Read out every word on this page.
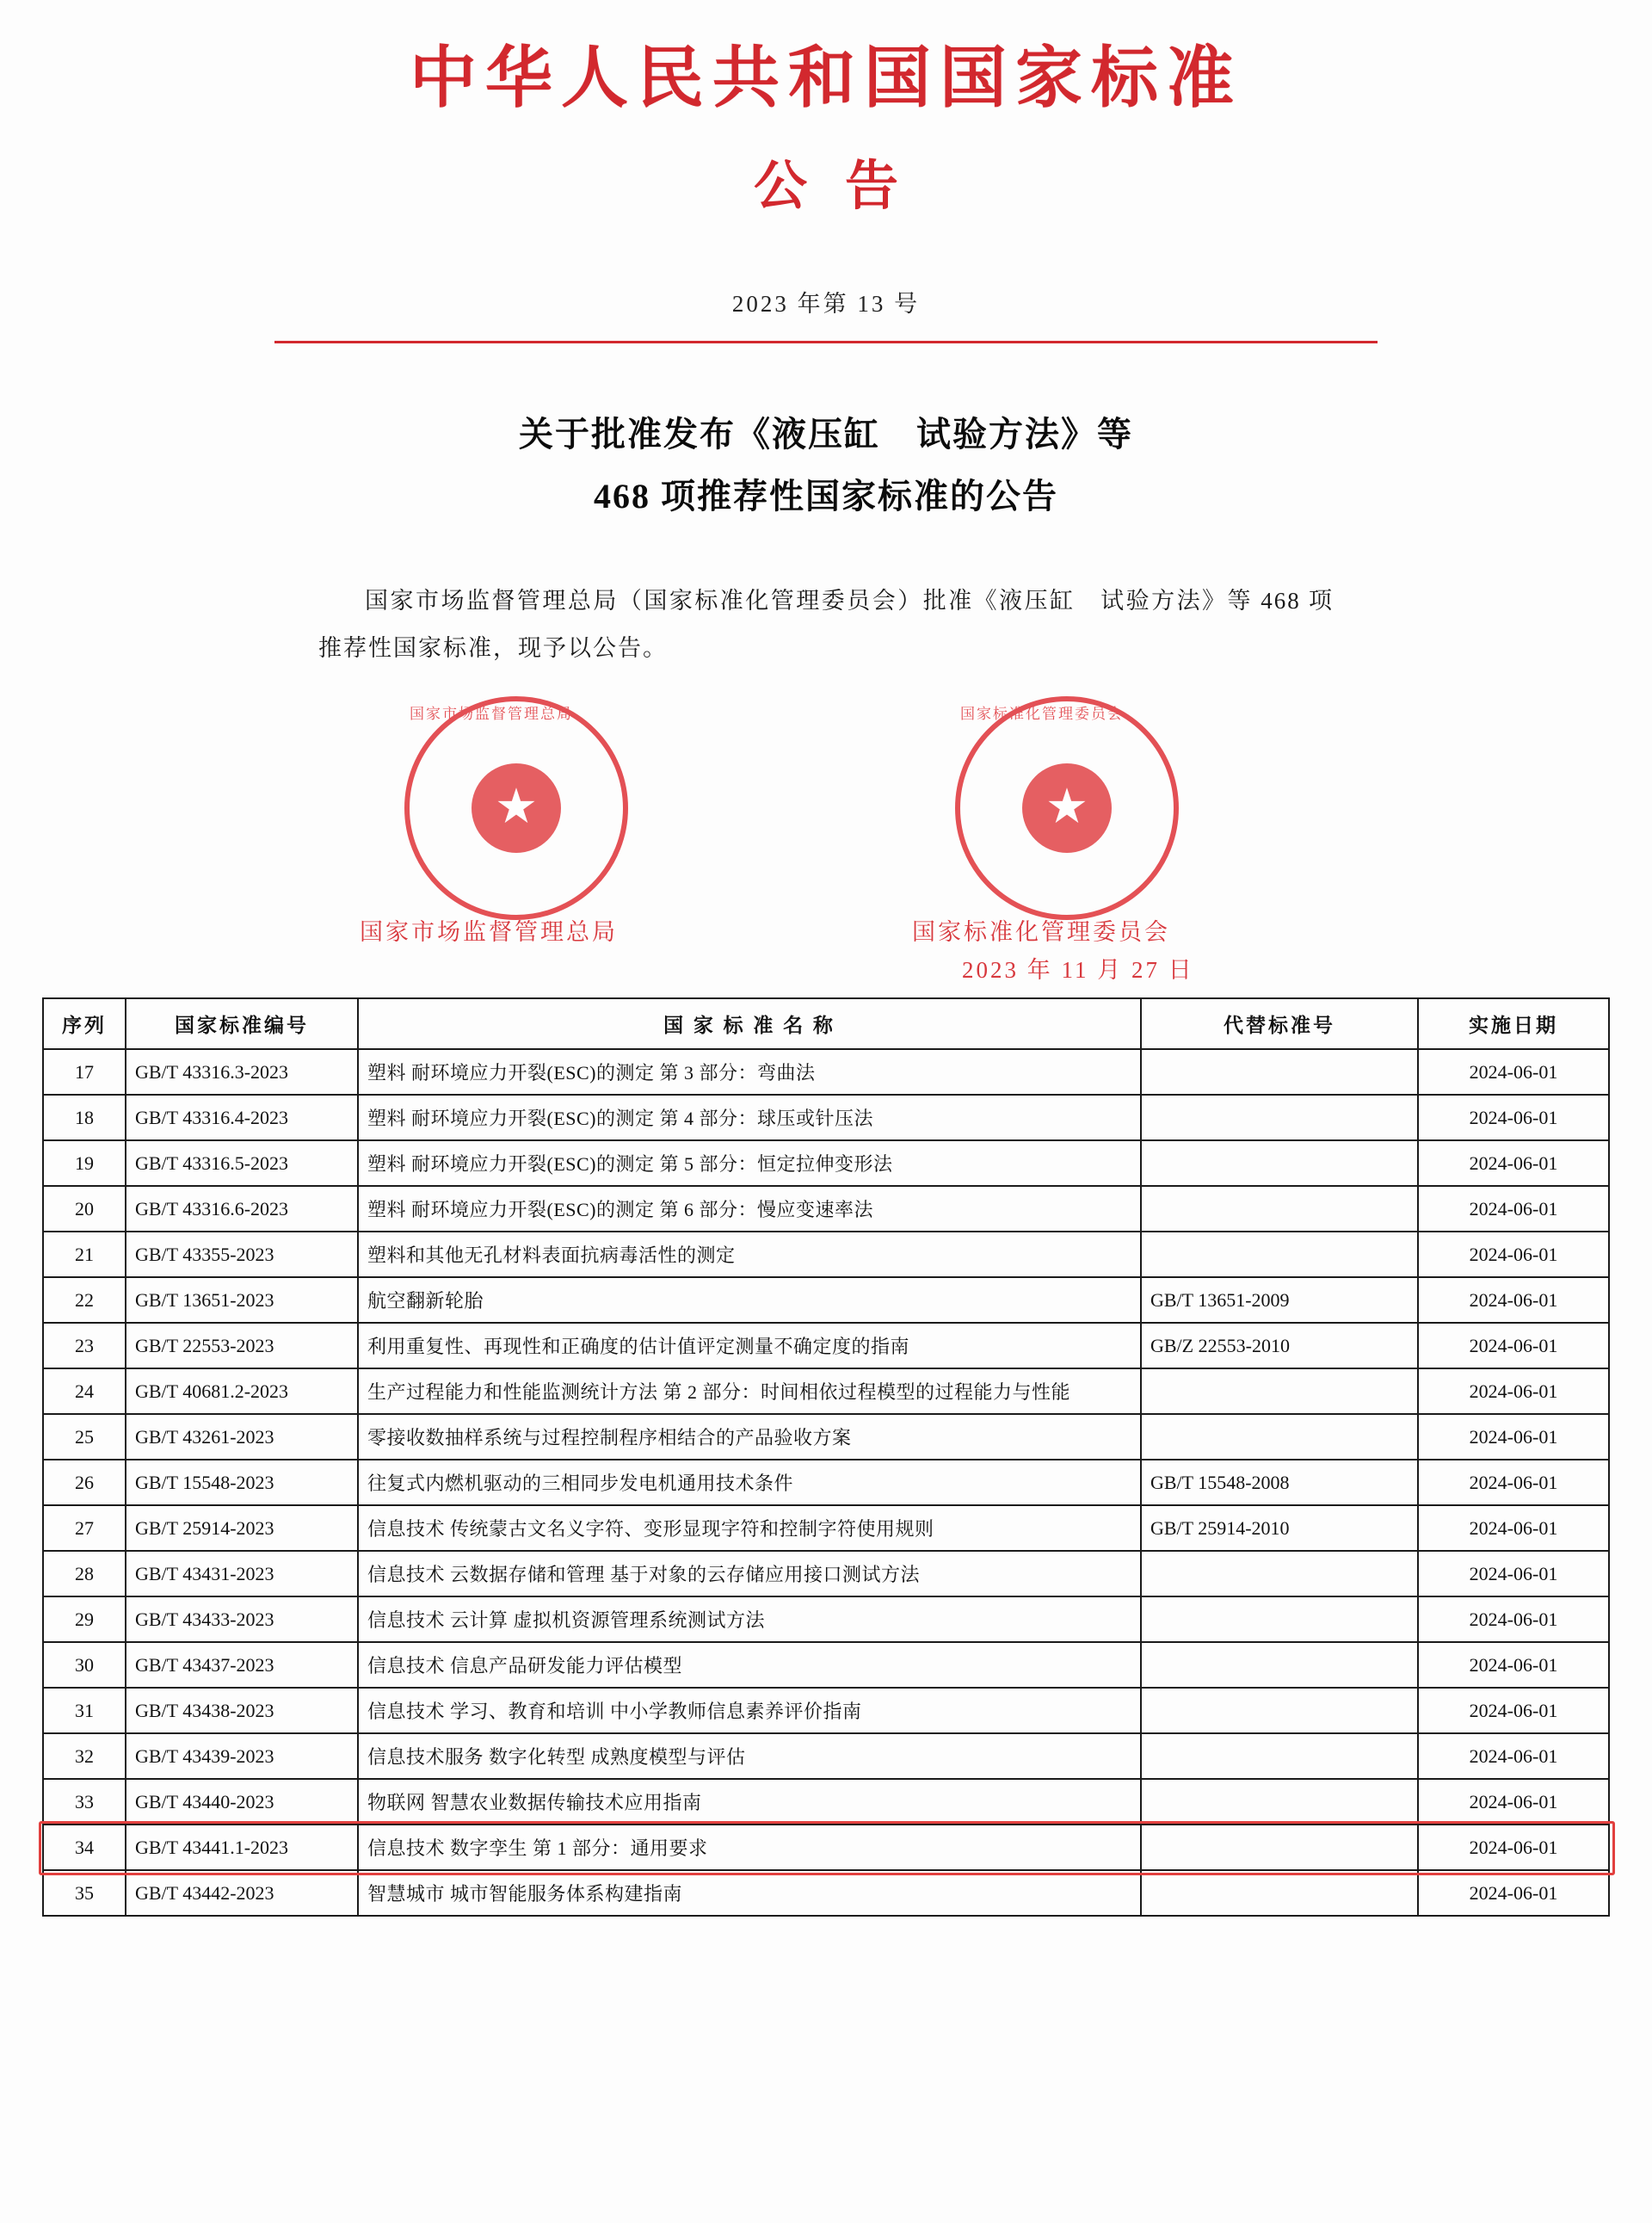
中华人民共和国国家标准
公告
2023 年第 13 号
关于批准发布《液压缸　试验方法》等
468 项推荐性国家标准的公告
国家市场监督管理总局（国家标准化管理委员会）批准《液压缸　试验方法》等 468 项推荐性国家标准，现予以公告。
国家市场监督管理总局
★
国家标准化管理委员会
★
国家市场监督管理总局	国家标准化管理委员会
2023 年 11 月 27 日
序列	国家标准编号	国 家 标 准 名 称	代替标准号	实施日期
17	GB/T 43316.3-2023	塑料 耐环境应力开裂(ESC)的测定 第 3 部分：弯曲法		2024-06-01
18	GB/T 43316.4-2023	塑料 耐环境应力开裂(ESC)的测定 第 4 部分：球压或针压法		2024-06-01
19	GB/T 43316.5-2023	塑料 耐环境应力开裂(ESC)的测定 第 5 部分：恒定拉伸变形法		2024-06-01
20	GB/T 43316.6-2023	塑料 耐环境应力开裂(ESC)的测定 第 6 部分：慢应变速率法		2024-06-01
21	GB/T 43355-2023	塑料和其他无孔材料表面抗病毒活性的测定		2024-06-01
22	GB/T 13651-2023	航空翻新轮胎	GB/T 13651-2009	2024-06-01
23	GB/T 22553-2023	利用重复性、再现性和正确度的估计值评定测量不确定度的指南	GB/Z 22553-2010	2024-06-01
24	GB/T 40681.2-2023	生产过程能力和性能监测统计方法 第 2 部分：时间相依过程模型的过程能力与性能		2024-06-01
25	GB/T 43261-2023	零接收数抽样系统与过程控制程序相结合的产品验收方案		2024-06-01
26	GB/T 15548-2023	往复式内燃机驱动的三相同步发电机通用技术条件	GB/T 15548-2008	2024-06-01
27	GB/T 25914-2023	信息技术 传统蒙古文名义字符、变形显现字符和控制字符使用规则	GB/T 25914-2010	2024-06-01
28	GB/T 43431-2023	信息技术 云数据存储和管理 基于对象的云存储应用接口测试方法		2024-06-01
29	GB/T 43433-2023	信息技术 云计算 虚拟机资源管理系统测试方法		2024-06-01
30	GB/T 43437-2023	信息技术 信息产品研发能力评估模型		2024-06-01
31	GB/T 43438-2023	信息技术 学习、教育和培训 中小学教师信息素养评价指南		2024-06-01
32	GB/T 43439-2023	信息技术服务 数字化转型 成熟度模型与评估		2024-06-01
33	GB/T 43440-2023	物联网 智慧农业数据传输技术应用指南		2024-06-01
34	GB/T 43441.1-2023	信息技术 数字孪生 第 1 部分：通用要求		2024-06-01
35	GB/T 43442-2023	智慧城市 城市智能服务体系构建指南		2024-06-01
